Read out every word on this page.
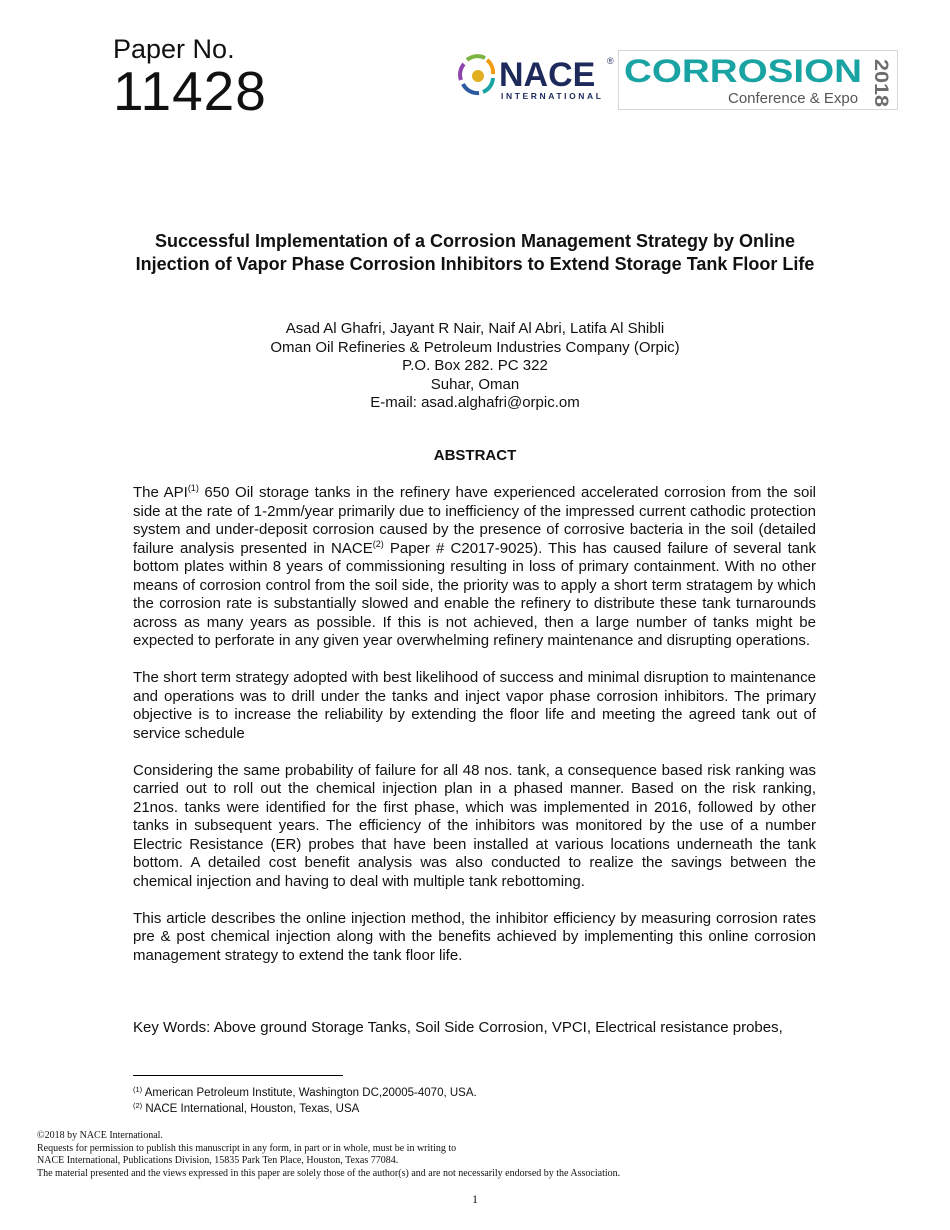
Paper No.
11428	NACE ®
INTERNATIONAL
CORROSION
Conference & Expo 2018
Successful Implementation of a Corrosion Management Strategy by Online Injection of Vapor Phase Corrosion Inhibitors to Extend Storage Tank Floor Life
Asad Al Ghafri, Jayant R Nair, Naif Al Abri, Latifa Al Shibli
Oman Oil Refineries & Petroleum Industries Company (Orpic)
P.O. Box 282. PC 322
Suhar, Oman
E-mail: asad.alghafri@orpic.om
ABSTRACT

The API$^{(1)}$ 650 Oil storage tanks in the refinery have experienced accelerated corrosion from the soil side at the rate of 1-2mm/year primarily due to inefficiency of the impressed current cathodic protection system and under-deposit corrosion caused by the presence of corrosive bacteria in the soil (detailed failure analysis presented in NACE$^{(2)}$ Paper # C2017-9025). This has caused failure of several tank bottom plates within 8 years of commissioning resulting in loss of primary containment. With no other means of corrosion control from the soil side, the priority was to apply a short term stratagem by which the corrosion rate is substantially slowed and enable the refinery to distribute these tank turnarounds across as many years as possible. If this is not achieved, then a large number of tanks might be expected to perforate in any given year overwhelming refinery maintenance and disrupting operations.

The short term strategy adopted with best likelihood of success and minimal disruption to maintenance and operations was to drill under the tanks and inject vapor phase corrosion inhibitors. The primary objective is to increase the reliability by extending the floor life and meeting the agreed tank out of service schedule

Considering the same probability of failure for all 48 nos. tank, a consequence based risk ranking was carried out to roll out the chemical injection plan in a phased manner. Based on the risk ranking, 21nos. tanks were identified for the first phase, which was implemented in 2016, followed by other tanks in subsequent years. The efficiency of the inhibitors was monitored by the use of a number Electric Resistance (ER) probes that have been installed at various locations underneath the tank bottom. A detailed cost benefit analysis was also conducted to realize the savings between the chemical injection and having to deal with multiple tank rebottoming.

This article describes the online injection method, the inhibitor efficiency by measuring corrosion rates pre & post chemical injection along with the benefits achieved by implementing this online corrosion management strategy to extend the tank floor life.

Key Words: Above ground Storage Tanks, Soil Side Corrosion, VPCI, Electrical resistance probes,
$^{(1)}$ American Petroleum Institute, Washington DC,20005-4070, USA.
$^{(2)}$ NACE International, Houston, Texas, USA
©2018 by NACE International.
Requests for permission to publish this manuscript in any form, in part or in whole, must be in writing to
NACE International, Publications Division, 15835 Park Ten Place, Houston, Texas 77084.
The material presented and the views expressed in this paper are solely those of the author(s) and are not necessarily endorsed by the Association.
1
